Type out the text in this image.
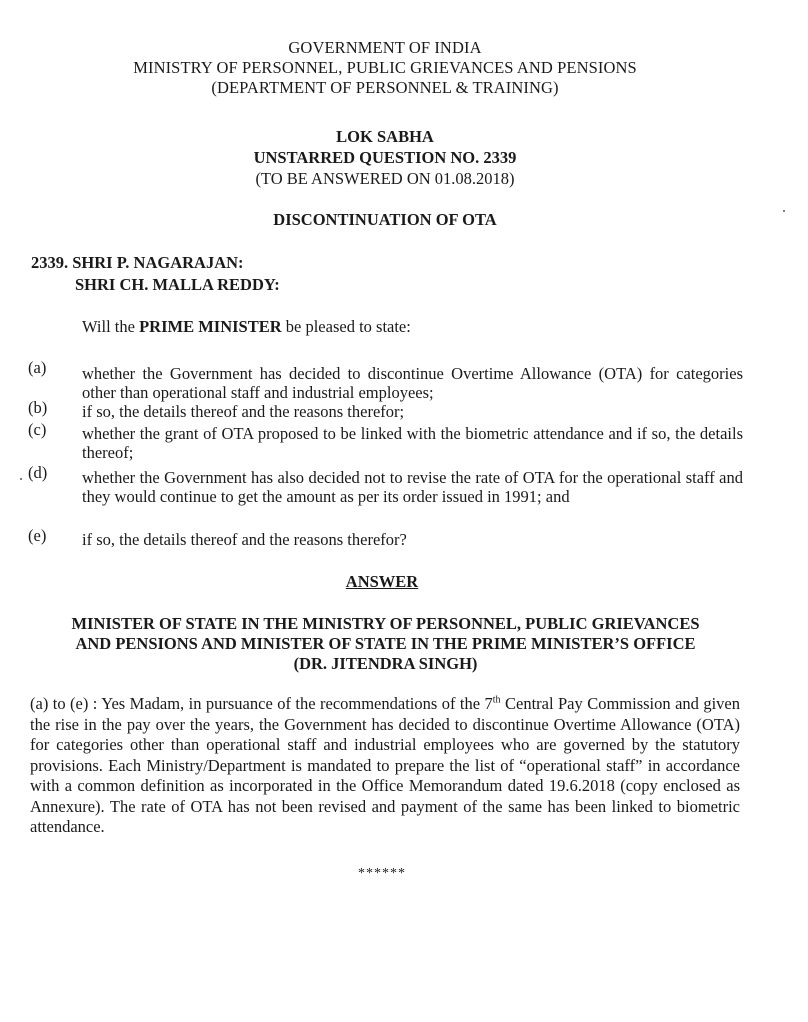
GOVERNMENT OF INDIA
MINISTRY OF PERSONNEL, PUBLIC GRIEVANCES AND PENSIONS
(DEPARTMENT OF PERSONNEL & TRAINING)
LOK SABHA
UNSTARRED QUESTION NO. 2339
(TO BE ANSWERED ON 01.08.2018)
DISCONTINUATION OF OTA
2339. SHRI P. NAGARAJAN:
SHRI CH. MALLA REDDY:
Will the PRIME MINISTER be pleased to state:
(a) whether the Government has decided to discontinue Overtime Allowance (OTA) for categories other than operational staff and industrial employees;
(b) if so, the details thereof and the reasons therefor;
(c) whether the grant of OTA proposed to be linked with the biometric attendance and if so, the details thereof;
(d) whether the Government has also decided not to revise the rate of OTA for the operational staff and they would continue to get the amount as per its order issued in 1991; and
(e) if so, the details thereof and the reasons therefor?
ANSWER
MINISTER OF STATE IN THE MINISTRY OF PERSONNEL, PUBLIC GRIEVANCES
AND PENSIONS AND MINISTER OF STATE IN THE PRIME MINISTER’S OFFICE
(DR. JITENDRA SINGH)
(a) to (e) : Yes Madam, in pursuance of the recommendations of the 7th Central Pay Commission and given the rise in the pay over the years, the Government has decided to discontinue Overtime Allowance (OTA) for categories other than operational staff and industrial employees who are governed by the statutory provisions. Each Ministry/Department is mandated to prepare the list of “operational staff” in accordance with a common definition as incorporated in the Office Memorandum dated 19.6.2018 (copy enclosed as Annexure). The rate of OTA has not been revised and payment of the same has been linked to biometric attendance.
******
